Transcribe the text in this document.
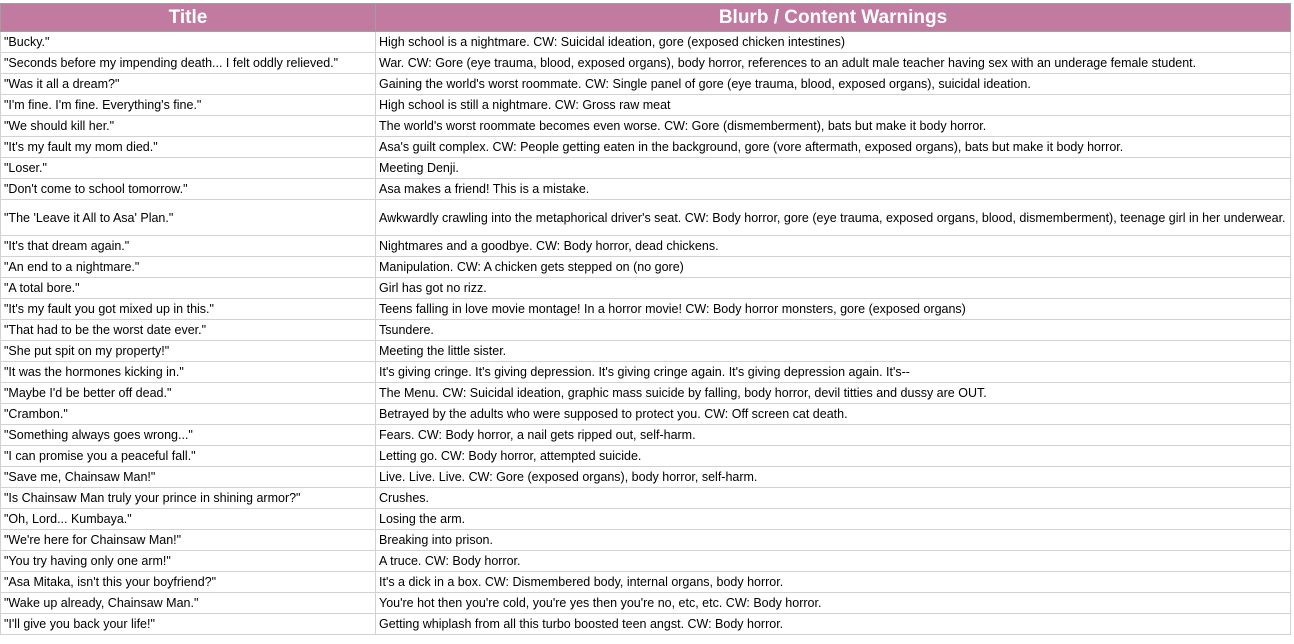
Title	Blurb / Content Warnings
"Bucky."	High school is a nightmare. CW: Suicidal ideation, gore (exposed chicken intestines)
"Seconds before my impending death... I felt oddly relieved."	War. CW: Gore (eye trauma, blood, exposed organs), body horror, references to an adult male teacher having sex with an underage female student.
"Was it all a dream?"	Gaining the world's worst roommate. CW: Single panel of gore (eye trauma, blood, exposed organs), suicidal ideation.
"I'm fine. I'm fine. Everything's fine."	High school is still a nightmare. CW: Gross raw meat
"We should kill her."	The world's worst roommate becomes even worse. CW: Gore (dismemberment), bats but make it body horror.
"It's my fault my mom died."	Asa's guilt complex. CW: People getting eaten in the background, gore (vore aftermath, exposed organs), bats but make it body horror.
"Loser."	Meeting Denji.
"Don't come to school tomorrow."	Asa makes a friend! This is a mistake.
"The 'Leave it All to Asa' Plan."	Awkwardly crawling into the metaphorical driver's seat. CW: Body horror, gore (eye trauma, exposed organs, blood, dismemberment), teenage girl in her underwear.
"It's that dream again."	Nightmares and a goodbye. CW: Body horror, dead chickens.
"An end to a nightmare."	Manipulation. CW: A chicken gets stepped on (no gore)
"A total bore."	Girl has got no rizz.
"It's my fault you got mixed up in this."	Teens falling in love movie montage! In a horror movie! CW: Body horror monsters, gore (exposed organs)
"That had to be the worst date ever."	Tsundere.
"She put spit on my property!"	Meeting the little sister.
"It was the hormones kicking in."	It's giving cringe. It's giving depression. It's giving cringe again. It's giving depression again. It's--
"Maybe I'd be better off dead."	The Menu. CW: Suicidal ideation, graphic mass suicide by falling, body horror, devil titties and dussy are OUT.
"Crambon."	Betrayed by the adults who were supposed to protect you. CW: Off screen cat death.
"Something always goes wrong..."	Fears. CW: Body horror, a nail gets ripped out, self-harm.
"I can promise you a peaceful fall."	Letting go. CW: Body horror, attempted suicide.
"Save me, Chainsaw Man!"	Live. Live. Live. CW: Gore (exposed organs), body horror, self-harm.
"Is Chainsaw Man truly your prince in shining armor?"	Crushes.
"Oh, Lord... Kumbaya."	Losing the arm.
"We're here for Chainsaw Man!"	Breaking into prison.
"You try having only one arm!"	A truce. CW: Body horror.
"Asa Mitaka, isn't this your boyfriend?"	It's a dick in a box. CW: Dismembered body, internal organs, body horror.
"Wake up already, Chainsaw Man."	You're hot then you're cold, you're yes then you're no, etc, etc. CW: Body horror.
"I'll give you back your life!"	Getting whiplash from all this turbo boosted teen angst. CW: Body horror.
